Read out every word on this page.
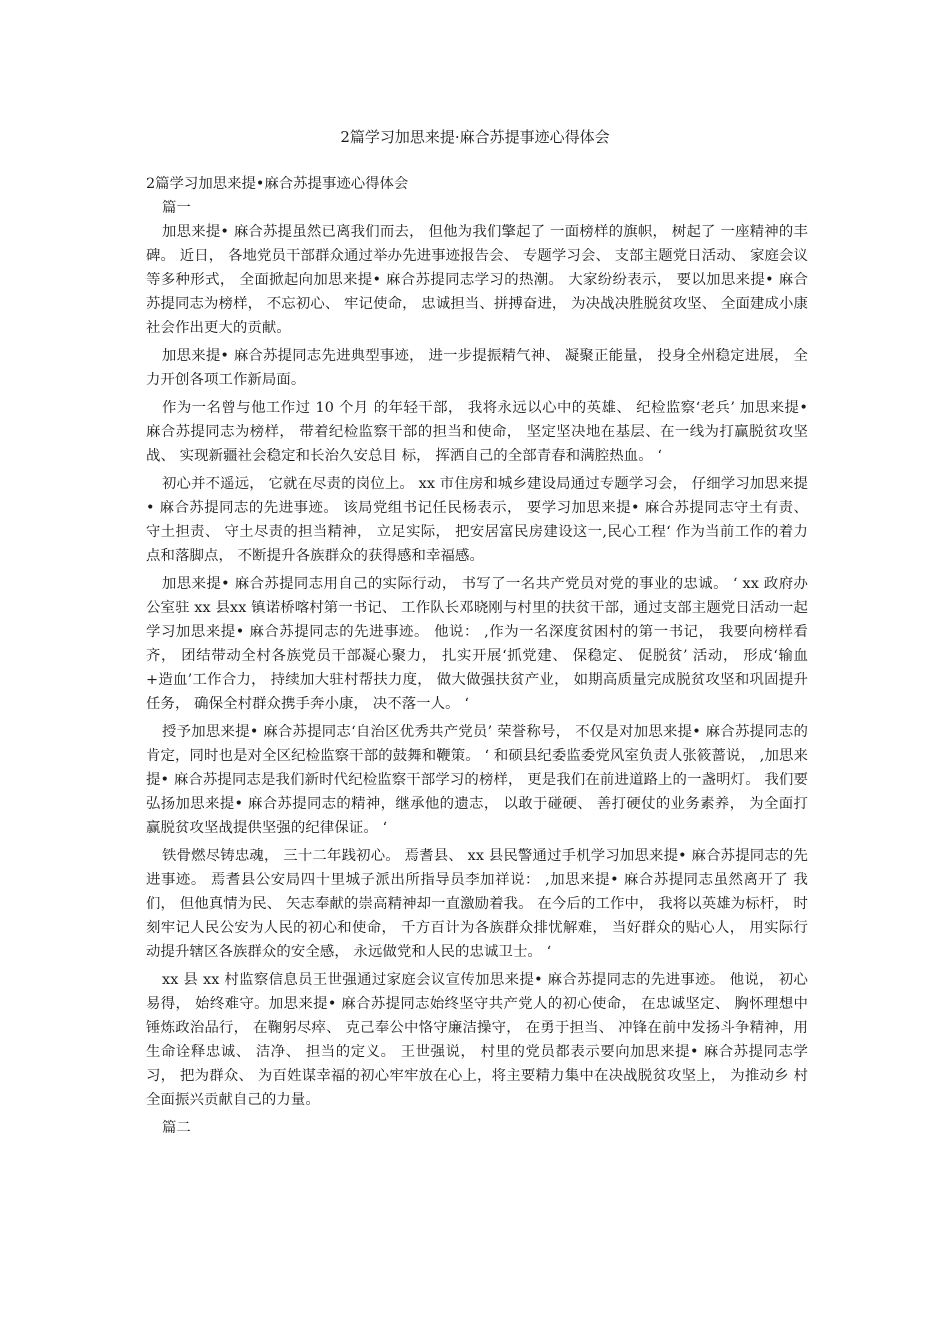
2篇学习加思来提·麻合苏提事迹心得体会
2篇学习加思来提•麻合苏提事迹心得体会

篇一

加思来提• 麻合苏提虽然已离我们而去， 但他为我们擎起了 一面榜样的旗帜， 树起了 一座精神的丰碑。 近日， 各地党员干部群众通过举办先进事迹报告会、 专题学习会、 支部主题党日活动、 家庭会议等多种形式， 全面掀起向加思来提• 麻合苏提同志学习的热潮。 大家纷纷表示， 要以加思来提• 麻合苏提同志为榜样， 不忘初心、 牢记使命， 忠诚担当、拼搏奋进， 为决战决胜脱贫攻坚、 全面建成小康社会作出更大的贡献。

加思来提• 麻合苏提同志先进典型事迹， 进一步提振精气神、 凝聚正能量， 投身全州稳定进展， 全力开创各项工作新局面。

作为一名曾与他工作过 10 个月 的年轻干部， 我将永远以心中的英雄、 纪检监察‘老兵’ 加思来提• 麻合苏提同志为榜样， 带着纪检监察干部的担当和使命， 坚定坚决地在基层、在一线为打赢脱贫攻坚战、 实现新疆社会稳定和长治久安总目 标， 挥洒自己的全部青春和满腔热血。 ‘

初心并不遥远， 它就在尽责的岗位上。 xx 市住房和城乡建设局通过专题学习会， 仔细学习加思来提• 麻合苏提同志的先进事迹。 该局党组书记任民杨表示， 要学习加思来提• 麻合苏提同志守土有责、 守土担责、 守土尽责的担当精神， 立足实际， 把安居富民房建设这一,民心工程‘ 作为当前工作的着力点和落脚点， 不断提升各族群众的获得感和幸福感。

加思来提• 麻合苏提同志用自己的实际行动， 书写了一名共产党员对党的事业的忠诚。 ‘ xx 政府办公室驻 xx 县xx 镇诺桥喀村第一书记、 工作队长邓晓刚与村里的扶贫干部，通过支部主题党日活动一起学习加思来提• 麻合苏提同志的先进事迹。 他说： ,作为一名深度贫困村的第一书记， 我要向榜样看齐， 团结带动全村各族党员干部凝心聚力， 扎实开展‘抓党建、 保稳定、 促脱贫’ 活动， 形成‘输血+造血’工作合力， 持续加大驻村帮扶力度， 做大做强扶贫产业， 如期高质量完成脱贫攻坚和巩固提升任务， 确保全村群众携手奔小康， 决不落一人。 ‘

授予加思来提• 麻合苏提同志‘自治区优秀共产党员’ 荣誉称号， 不仅是对加思来提• 麻合苏提同志的肯定，同时也是对全区纪检监察干部的鼓舞和鞭策。 ‘ 和硕县纪委监委党风室负责人张筱蔷说， ,加思来提• 麻合苏提同志是我们新时代纪检监察干部学习的榜样， 更是我们在前进道路上的一盏明灯。 我们要弘扬加思来提• 麻合苏提同志的精神，继承他的遗志， 以敢于碰硬、 善打硬仗的业务素养， 为全面打赢脱贫攻坚战提供坚强的纪律保证。 ‘

铁骨燃尽铸忠魂， 三十二年践初心。 焉耆县、 xx 县民警通过手机学习加思来提• 麻合苏提同志的先进事迹。 焉耆县公安局四十里城子派出所指导员李加祥说： ,加思来提• 麻合苏提同志虽然离开了 我们， 但他真情为民、 矢志奉献的崇高精神却一直激励着我。 在今后的工作中， 我将以英雄为标杆， 时刻牢记人民公安为人民的初心和使命， 千方百计为各族群众排忧解难， 当好群众的贴心人， 用实际行动提升辖区各族群众的安全感， 永远做党和人民的忠诚卫士。 ‘

xx 县 xx 村监察信息员王世强通过家庭会议宣传加思来提• 麻合苏提同志的先进事迹。 他说， 初心易得， 始终难守。加思来提• 麻合苏提同志始终坚守共产党人的初心使命， 在忠诚坚定、 胸怀理想中锤炼政治品行， 在鞠躬尽瘁、 克己奉公中恪守廉洁操守， 在勇于担当、 冲锋在前中发扬斗争精神，用生命诠释忠诚、 洁净、 担当的定义。 王世强说， 村里的党员都表示要向加思来提• 麻合苏提同志学习， 把为群众、 为百姓谋幸福的初心牢牢放在心上，将主要精力集中在决战脱贫攻坚上， 为推动乡 村全面振兴贡献自己的力量。

篇二
